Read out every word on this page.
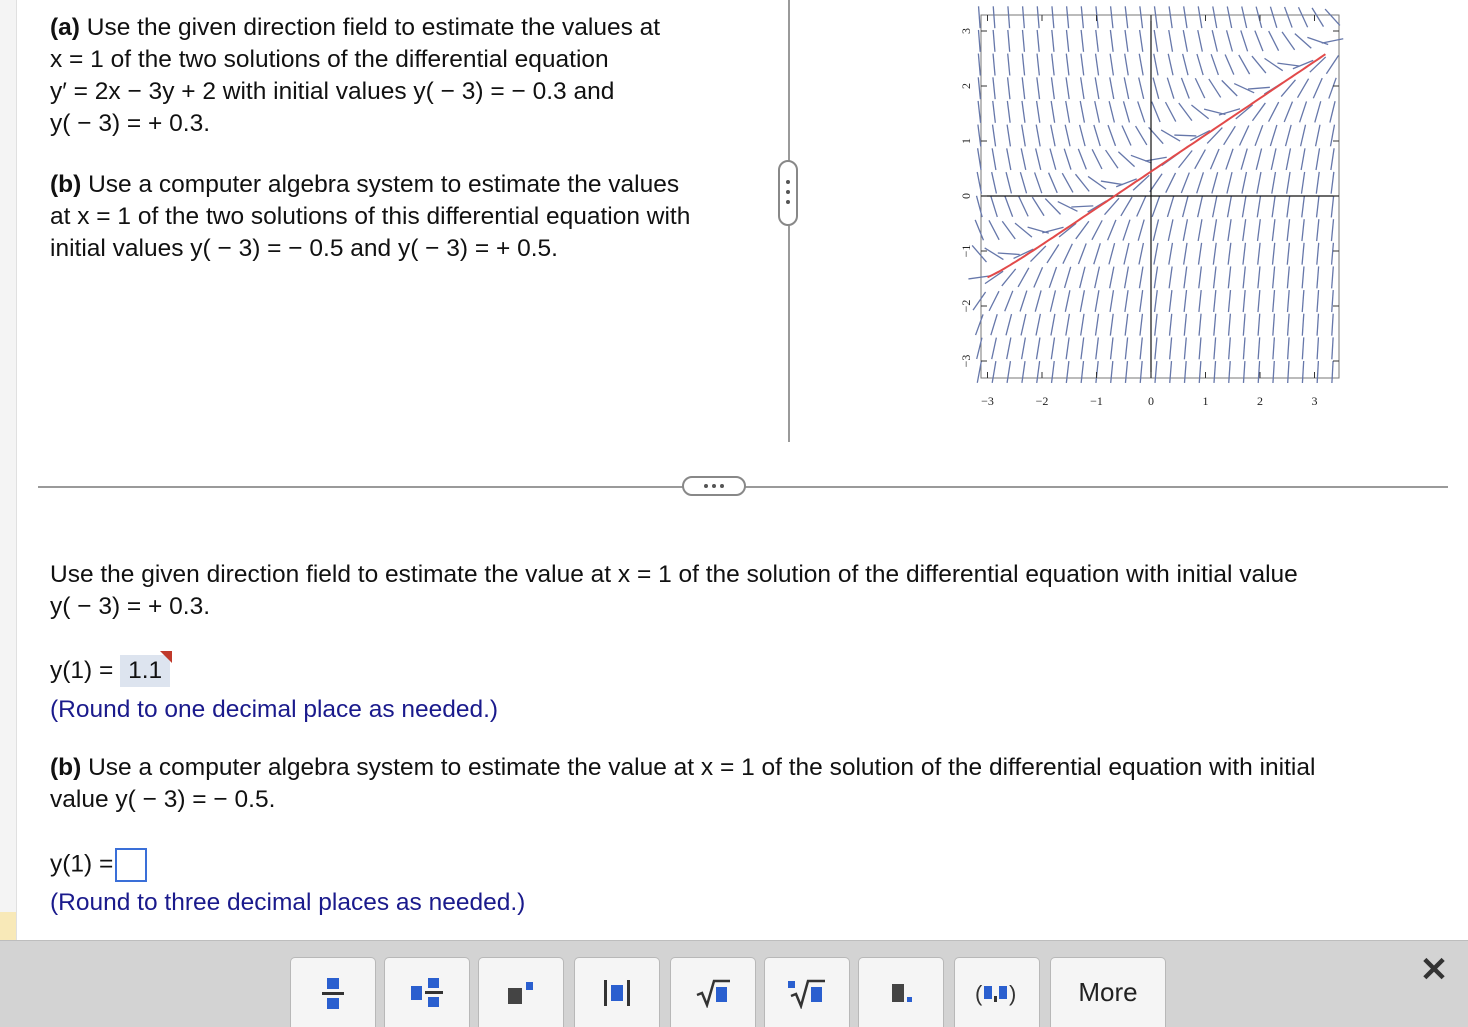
(a) Use the given direction field to estimate the values at
x = 1 of the two solutions of the differential equation
y′ = 2x − 3y + 2 with initial values y( − 3) = − 0.3 and
y( − 3) = + 0.3.
(b) Use a computer algebra system to estimate the values
at x = 1 of the two solutions of this differential equation with
initial values y( − 3) = − 0.5 and y( − 3) = + 0.5.
−3	−2	−1	0	1	2	3
3
2
1
0
−1
−2
−3
Use the given direction field to estimate the value at x = 1 of the solution of the differential equation with initial value
y( − 3) = + 0.3.
y(1) = 1.1
(Round to one decimal place as needed.)
(b) Use a computer algebra system to estimate the value at x = 1 of the solution of the differential equation with initial
value y( − 3) = − 0.5.
y(1) =
(Round to three decimal places as needed.)
( ) More
✕
